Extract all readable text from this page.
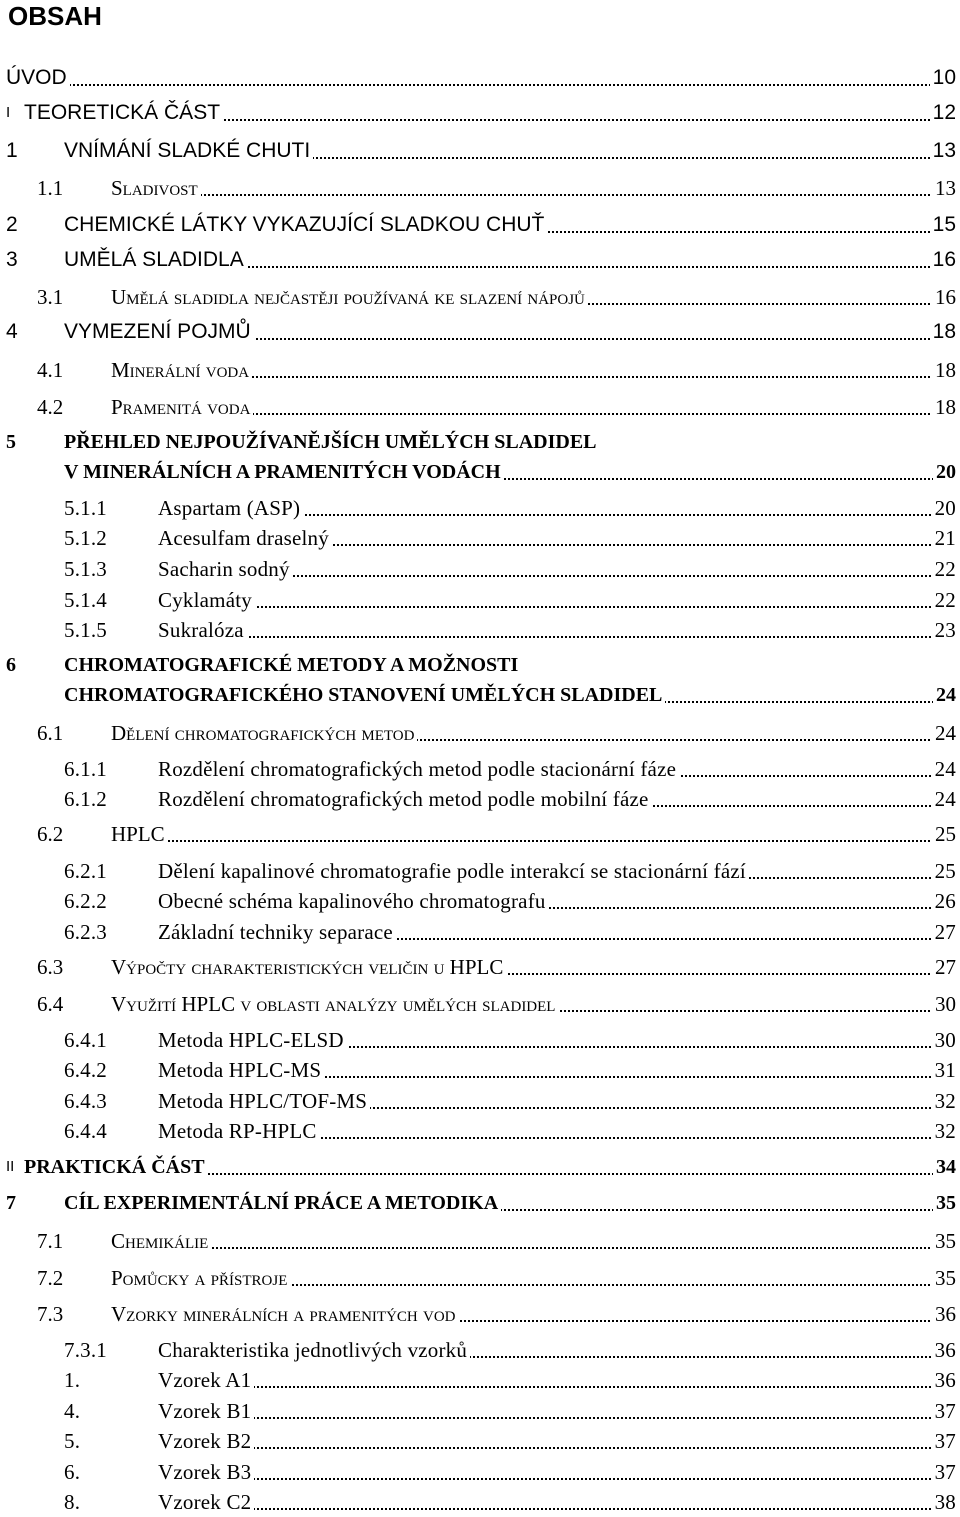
OBSAH
ÚVOD	10
I TEORETICKÁ ČÁST	12
1 VNÍMÁNÍ SLADKÉ CHUTI	13
1.1 Sladivost	13
2 CHEMICKÉ LÁTKY VYKAZUJÍCÍ SLADKOU CHUŤ	15
3 UMĚLÁ SLADIDLA	16
3.1 Umělá sladidla nejčastěji používaná ke slazení nápojů	16
4 VYMEZENÍ POJMŮ	18
4.1 Minerální voda	18
4.2 Pramenitá voda	18
5 PŘEHLED NEJPOUŽÍVANĚJŠÍCH UMĚLÝCH SLADIDEL
V MINERÁLNÍCH A PRAMENITÝCH VODÁCH	20
5.1.1 Aspartam (ASP)	20
5.1.2 Acesulfam draselný	21
5.1.3 Sacharin sodný	22
5.1.4 Cyklamáty	22
5.1.5 Sukralóza	23
6 CHROMATOGRAFICKÉ METODY A MOŽNOSTI
CHROMATOGRAFICKÉHO STANOVENÍ UMĚLÝCH SLADIDEL	24
6.1 Dělení chromatografických metod	24
6.1.1 Rozdělení chromatografických metod podle stacionární fáze	24
6.1.2 Rozdělení chromatografických metod podle mobilní fáze	24
6.2 HPLC	25
6.2.1 Dělení kapalinové chromatografie podle interakcí se stacionární fází	25
6.2.2 Obecné schéma kapalinového chromatografu	26
6.2.3 Základní techniky separace	27
6.3 Výpočty charakteristických veličin u HPLC	27
6.4 Využití HPLC v oblasti analýzy umělých sladidel	30
6.4.1 Metoda HPLC-ELSD	30
6.4.2 Metoda HPLC-MS	31
6.4.3 Metoda HPLC/TOF-MS	32
6.4.4 Metoda RP-HPLC	32
II PRAKTICKÁ ČÁST	34
7 CÍL EXPERIMENTÁLNÍ PRÁCE A METODIKA	35
7.1 Chemikálie	35
7.2 Pomůcky a přístroje	35
7.3 Vzorky minerálních a pramenitých vod	36
7.3.1 Charakteristika jednotlivých vzorků	36
1.	Vzorek A1	36
4.	Vzorek B1	37
5.	Vzorek B2	37
6.	Vzorek B3	37
8.	Vzorek C2	38
